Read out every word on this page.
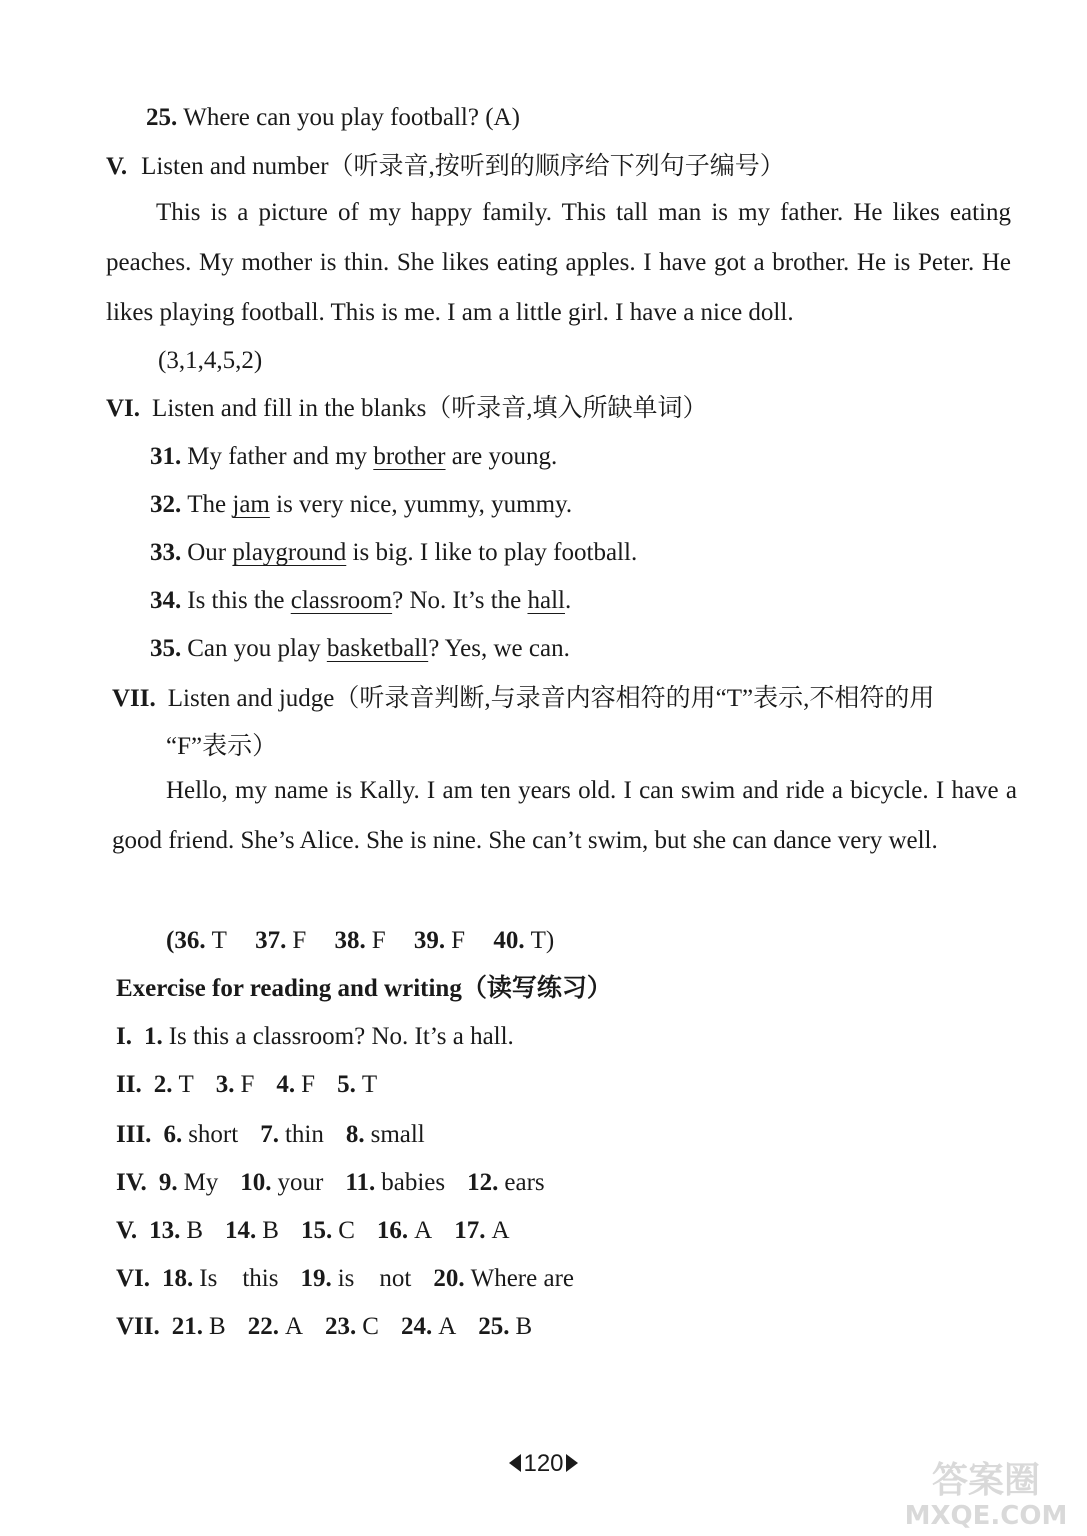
25. Where can you play football? (A)
V. Listen and number（听录音,按听到的顺序给下列句子编号）
This is a picture of my happy family. This tall man is my father. He likes eating peaches. My mother is thin. She likes eating apples. I have got a brother. He is Peter. He likes playing football. This is me. I am a little girl. I have a nice doll.
(3,1,4,5,2)
VI. Listen and fill in the blanks（听录音,填入所缺单词）
31. My father and my brother are young.
32. The jam is very nice, yummy, yummy.
33. Our playground is big. I like to play football.
34. Is this the classroom? No. It’s the hall.
35. Can you play basketball? Yes, we can.
VII. Listen and judge（听录音判断,与录音内容相符的用“T”表示,不相符的用
“F”表示）
Hello, my name is Kally. I am ten years old. I can swim and ride a bicycle. I have a good friend. She’s Alice. She is nine. She can’t swim, but she can dance very well.
(36. T 37. F 38. F 39. F 40. T)
Exercise for reading and writing（读写练习）
I. 1. Is this a classroom? No. It’s a hall.
II. 2. T 3. F 4. F 5. T
III. 6. short 7. thin 8. small
IV. 9. My 10. your 11. babies 12. ears
V. 13. B 14. B 15. C 16. A 17. A
VI. 18. Is    this 19. is    not 20. Where are
VII. 21. B 22. A 23. C 24. A 25. B
120	答案圈
MXQE.COM
